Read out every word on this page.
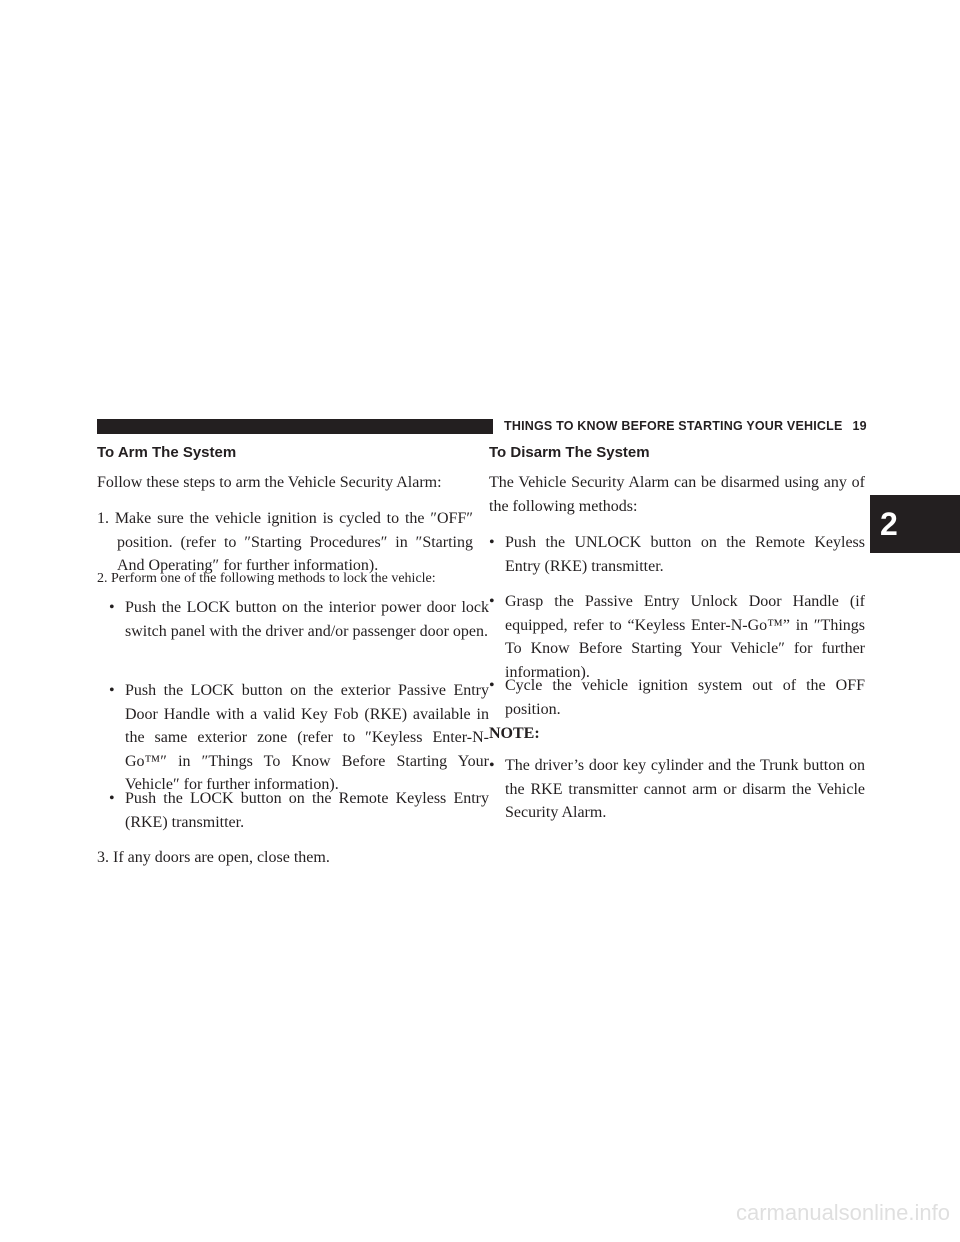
THINGS TO KNOW BEFORE STARTING YOUR VEHICLE 19
2
To Arm The System

Follow these steps to arm the Vehicle Security Alarm:

1. Make sure the vehicle ignition is cycled to the ″OFF″ position. (refer to ″Starting Procedures″ in ″Starting And Operating″ for further information).

2. Perform one of the following methods to lock the vehicle:

• Push the LOCK button on the interior power door lock switch panel with the driver and/or passenger door open.

• Push the LOCK button on the exterior Passive Entry Door Handle with a valid Key Fob (RKE) available in the same exterior zone (refer to ″Keyless Enter-N-Go™″ in ″Things To Know Before Starting Your Vehicle″ for further information).

• Push the LOCK button on the Remote Keyless Entry (RKE) transmitter.

3. If any doors are open, close them.

To Disarm The System

The Vehicle Security Alarm can be disarmed using any of the following methods:

• Push the UNLOCK button on the Remote Keyless Entry (RKE) transmitter.

• Grasp the Passive Entry Unlock Door Handle (if equipped, refer to “Keyless Enter-N-Go™” in ″Things To Know Before Starting Your Vehicle″ for further information).

• Cycle the vehicle ignition system out of the OFF position.

NOTE:

• The driver’s door key cylinder and the Trunk button on the RKE transmitter cannot arm or disarm the Vehicle Security Alarm.

carmanualsonline.info
